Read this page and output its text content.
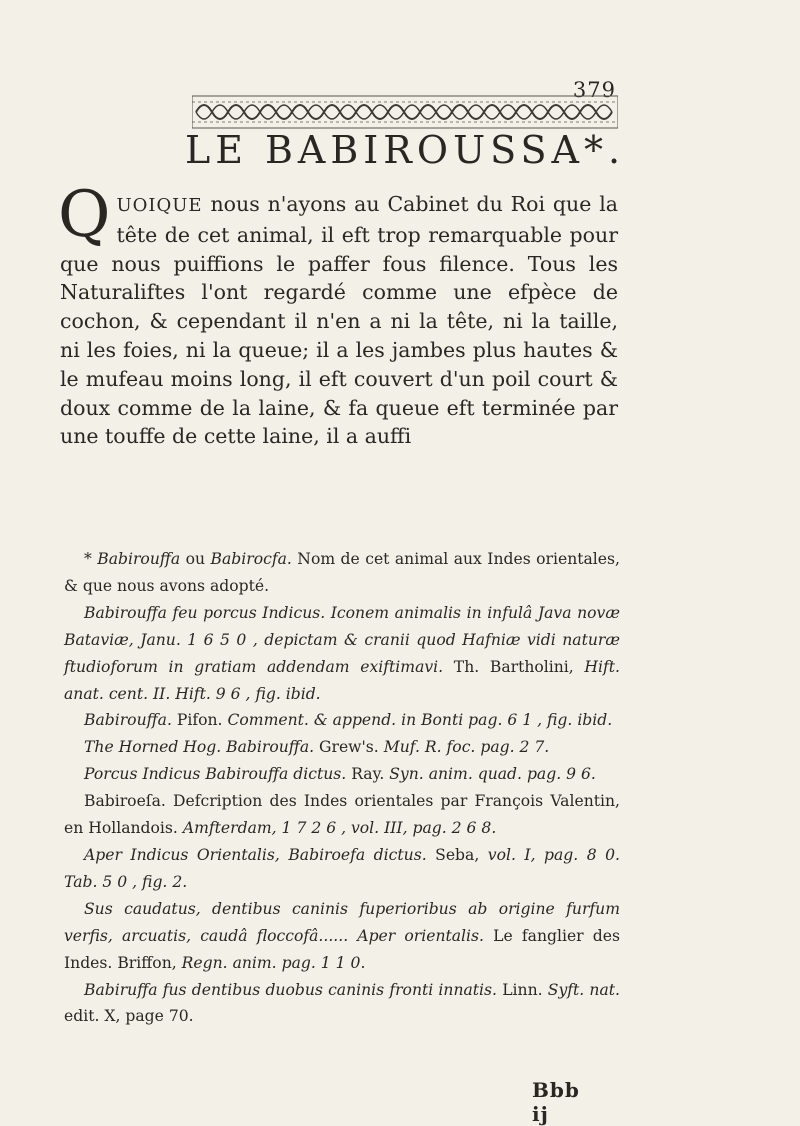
379
LE BABIROUSSA*.
QUOIQUE nous n'ayons au Cabinet du Roi que la tête de cet animal, il eft trop remarquable pour que nous puiffions le paffer fous filence. Tous les Naturaliftes l'ont regardé comme une efpèce de cochon, & cependant il n'en a ni la tête, ni la taille, ni les foies, ni la queue; il a les jambes plus hautes & le mufeau moins long, il eft couvert d'un poil court & doux comme de la laine, & fa queue eft terminée par une touffe de cette laine, il a auffi

* Babirouffa ou Babirocfa. Nom de cet animal aux Indes orientales, & que nous avons adopté.

Babirouffa feu porcus Indicus. Iconem animalis in infulâ Java novæ Bataviæ, Janu. 1 6 5 0 , depictam & cranii quod Hafniæ vidi naturæ ftudioforum in gratiam addendam exiftimavi. Th. Bartholini, Hift. anat. cent. II. Hift. 9 6 , fig. ibid.

Babirouffa. Pifon. Comment. & append. in Bonti pag. 6 1 , fig. ibid.

The Horned Hog. Babirouffa. Grew's. Muf. R. foc. pag. 2 7.

Porcus Indicus Babirouffa dictus. Ray. Syn. anim. quad. pag. 9 6.

Babiroeſa. Defcription des Indes orientales par François Valentin, en Hollandois. Amfterdam, 1 7 2 6 , vol. III, pag. 2 6 8.

Aper Indicus Orientalis, Babiroefa dictus. Seba, vol. I, pag. 8 0. Tab. 5 0 , fig. 2.

Sus caudatus, dentibus caninis fuperioribus ab origine furfum verfis, arcuatis, caudâ floccofâ...... Aper orientalis. Le fanglier des Indes. Briffon, Regn. anim. pag. 1 1 0.

Babiruffa fus dentibus duobus caninis fronti innatis. Linn. Syft. nat. edit. X, page 70.

Bbb ij
